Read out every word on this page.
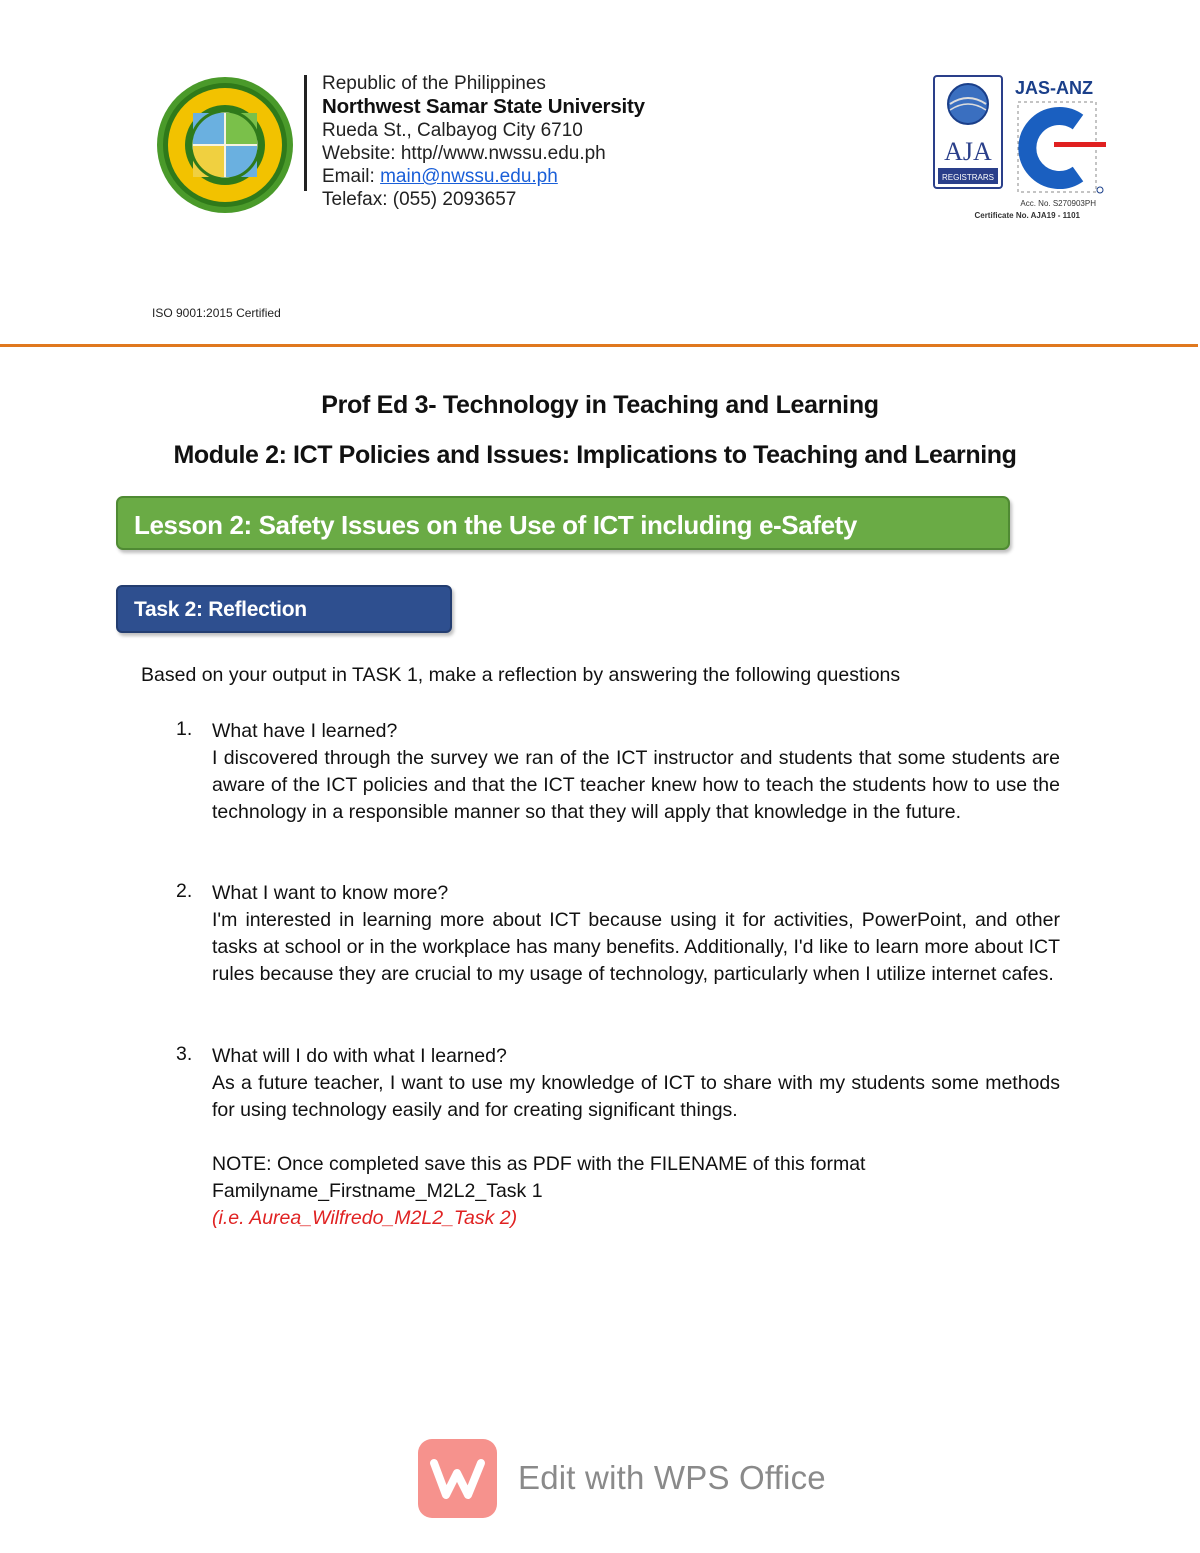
Republic of the Philippines
Northwest Samar State University
Rueda St., Calbayog City 6710
Website: http//www.nwssu.edu.ph
Email: main@nwssu.edu.ph
Telefax: (055) 2093657
AJA
REGISTRARS
JAS-ANZ
Acc. No. S270903PH
Certificate No. AJA19 - 1101
ISO 9001:2015 Certified
Prof Ed 3- Technology in Teaching and Learning
Module 2: ICT Policies and Issues: Implications to Teaching and Learning
Lesson 2: Safety Issues on the Use of ICT including e-Safety
Task 2: Reflection
Based on your output in TASK 1, make a reflection by answering the following questions
1. What have I learned?
I discovered through the survey we ran of the ICT instructor and students that some students are aware of the ICT policies and that the ICT teacher knew how to teach the students how to use the technology in a responsible manner so that they will apply that knowledge in the future.
2. What I want to know more?
I'm interested in learning more about ICT because using it for activities, PowerPoint, and other tasks at school or in the workplace has many benefits. Additionally, I'd like to learn more about ICT rules because they are crucial to my usage of technology, particularly when I utilize internet cafes.
3. What will I do with what I learned?
As a future teacher, I want to use my knowledge of ICT to share with my students some methods for using technology easily and for creating significant things.
NOTE: Once completed save this as PDF with the FILENAME of this format
Familyname_Firstname_M2L2_Task 1
(i.e. Aurea_Wilfredo_M2L2_Task 2)
Edit with WPS Office
